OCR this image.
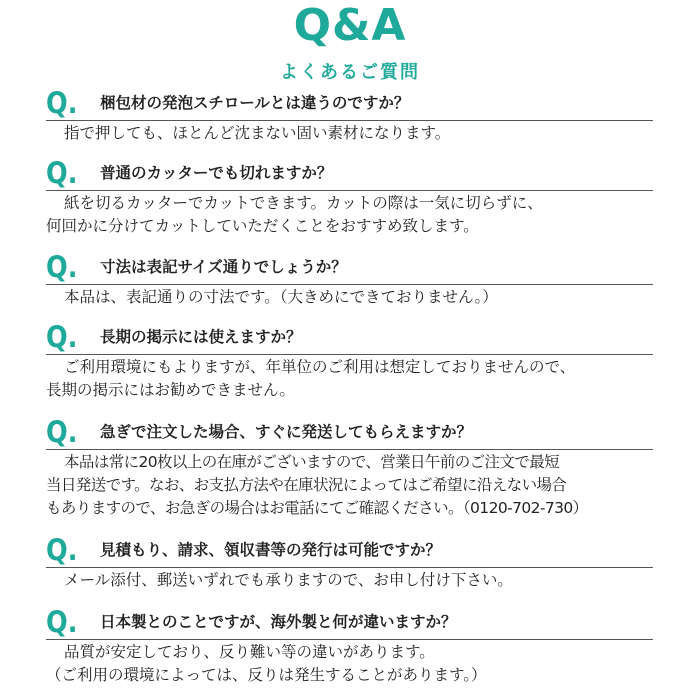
Q&A
よくあるご質問
Q. 梱包材の発泡スチロールとは違うのですか？
指で押しても、ほとんど沈まない固い素材になります。
Q. 普通のカッターでも切れますか？
紙を切るカッターでカットできます。カットの際は一気に切らずに、
何回かに分けてカットしていただくことをおすすめ致します。
Q. 寸法は表記サイズ通りでしょうか？
本品は、表記通りの寸法です。（大きめにできておりません。）
Q. 長期の掲示には使えますか？
ご利用環境にもよりますが、年単位のご利用は想定しておりませんので、
長期の掲示にはお勧めできません。
Q. 急ぎで注文した場合、すぐに発送してもらえますか？
本品は常に20枚以上の在庫がございますので、営業日午前のご注文で最短
当日発送です。なお、お支払方法や在庫状況によってはご希望に沿えない場合
もありますので、お急ぎの場合はお電話にてご確認ください。（0120-702-730）
Q. 見積もり、請求、領収書等の発行は可能ですか？
メール添付、郵送いずれでも承りますので、お申し付け下さい。
Q. 日本製とのことですが、海外製と何が違いますか？
品質が安定しており、反り難い等の違いがあります。
（ご利用の環境によっては、反りは発生することがあります。）
